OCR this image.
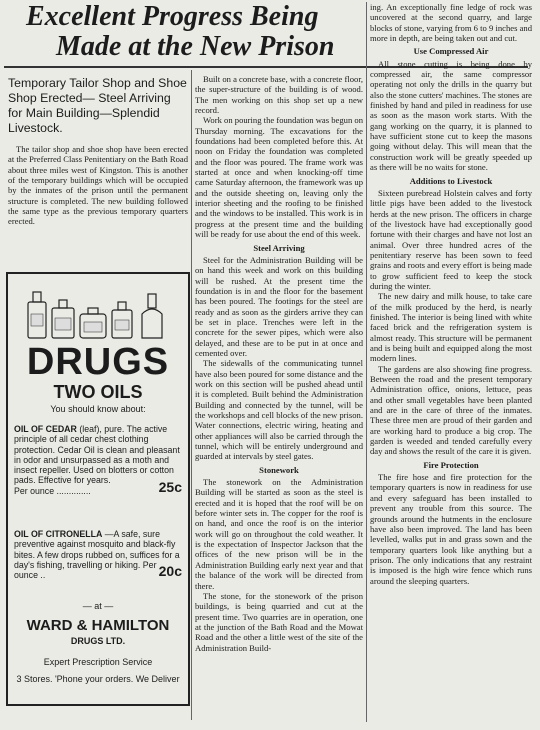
Excellent Progress Being
Made at the New Prison
Temporary Tailor Shop and Shoe Shop Erected— Steel Arriving for Main Building—Splendid Livestock.

The tailor shop and shoe shop have been erected at the Preferred Class Penitentiary on the Bath Road about three miles west of Kingston. This is another of the temporary buildings which will be occupied by the inmates of the prison until the permanent structure is completed. The new building followed the same type as the previous temporary quarters erected.

DRUGS
TWO OILS
You should know about:
OIL OF CEDAR (leaf), pure. The active principle of all cedar chest clothing protection. Cedar Oil is clean and pleasant in odor and unsurpassed as a moth and insect repeller. Used on blotters or cotton pads. Effective for years.
Per ounce ..............	25c
OIL OF CITRONELLA —A safe, sure preventive against mosquito and black-fly bites. A few drops rubbed on, suffices for a day's fishing, travelling or hiking. Per ounce ..	20c
— at —
WARD & HAMILTON
DRUGS LTD.
Expert Prescription Service
3 Stores. 'Phone your orders. We Deliver

Built on a concrete base, with a concrete floor, the super-structure of the building is of wood. The men working on this shop set up a new record.

Work on pouring the foundation was begun on Thursday morning. The excavations for the foundations had been completed before this. At noon on Friday the foundation was completed and the floor was poured. The frame work was started at once and when knocking-off time came Saturday afternoon, the framework was up and the outside sheeting on, leaving only the interior sheeting and the roofing to be finished and the windows to be installed. This work is in progress at the present time and the building will be ready for use about the end of this week.

Steel Arriving

Steel for the Administration Building will be on hand this week and work on this building will be rushed. At the present time the foundation is in and the floor for the basement has been poured. The footings for the steel are ready and as soon as the girders arrive they can be set in place. Trenches were left in the concrete for the sewer pipes, which were also delayed, and these are to be put in at once and cemented over.

The sidewalls of the communicating tunnel have also been poured for some distance and the work on this section will be pushed ahead until it is completed. Built behind the Administration Building and connected by the tunnel, will be the workshops and cell blocks of the new prison. Water connections, electric wiring, heating and other appliances will also be carried through the tunnel, which will be entirely underground and guarded at intervals by steel gates.

Stonework

The stonework on the Administration Building will be started as soon as the steel is erected and it is hoped that the roof will be on before winter sets in. The copper for the roof is on hand, and once the roof is on the interior work will go on throughout the cold weather. It is the expectation of Inspector Jackson that the offices of the new prison will be in the Administration Building early next year and that the balance of the work will be directed from there.

The stone, for the stonework of the prison buildings, is being quarried and cut at the present time. Two quarries are in operation, one at the junction of the Bath Road and the Mowat Road and the other a little west of the site of the Administration Build-

ing. An exceptionally fine ledge of rock was uncovered at the second quarry, and large blocks of stone, varying from 6 to 9 inches and more in depth, are being taken out and cut.

Use Compressed Air

All stone cutting is being done by compressed air, the same compressor operating not only the drills in the quarry but also the stone cutters' machines. The stones are finished by hand and piled in readiness for use as soon as the mason work starts. With the gang working on the quarry, it is planned to have sufficient stone cut to keep the masons going without delay. This will mean that the construction work will be greatly speeded up as there will be no waits for stone.

Additions to Livestock

Sixteen purebread Holstein calves and forty little pigs have been added to the livestock herds at the new prison. The officers in charge of the livestock have had exceptionally good fortune with their charges and have not lost an animal. Over three hundred acres of the penitentiary reserve has been sown to feed grains and roots and every effort is being made to grow sufficient feed to keep the stock during the winter.

The new dairy and milk house, to take care of the milk produced by the herd, is nearly finished. The interior is being lined with white faced brick and the refrigeration system is almost ready. This structure will be permanent and is being built and equipped along the most modern lines.

The gardens are also showing fine progress. Between the road and the present temporary Administration office, onions, lettuce, peas and other small vegetables have been planted and are in the care of three of the inmates. These three men are proud of their garden and are working hard to produce a big crop. The garden is weeded and tended carefully every day and shows the result of the care it is given.

Fire Protection

The fire hose and fire protection for the temporary quarters is now in readiness for use and every safeguard has been installed to prevent any trouble from this source. The grounds around the hutments in the enclosure have also been improved. The land has been levelled, walks put in and grass sown and the temporary quarters look like anything but a prison. The only indications that any restraint is imposed is the high wire fence which runs around the sleeping quarters.
